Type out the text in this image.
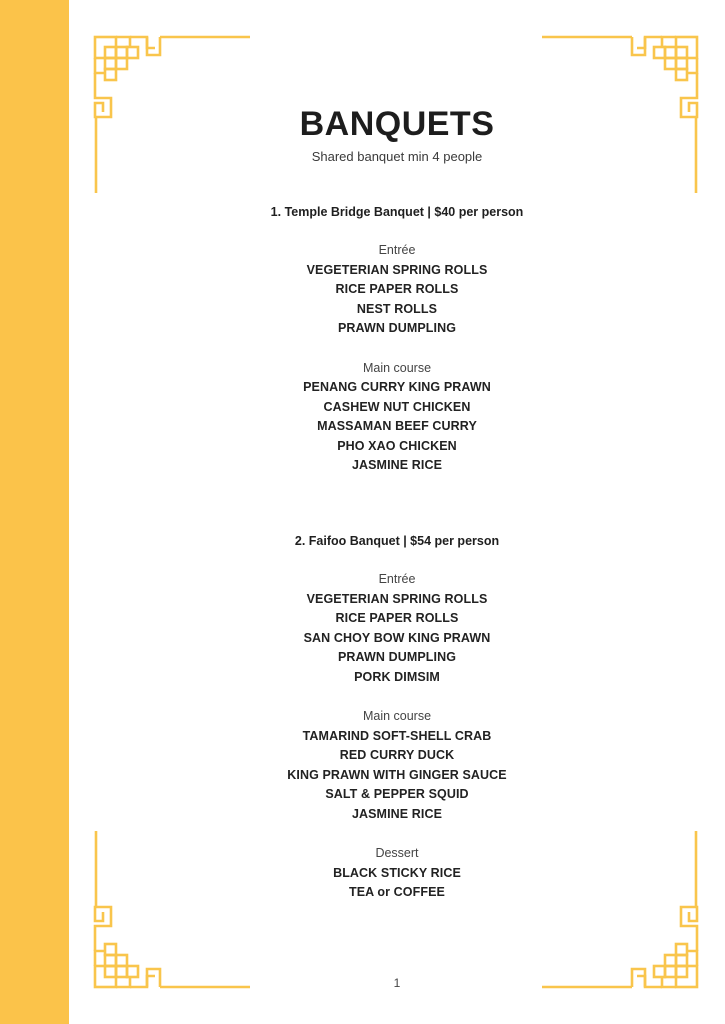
BANQUETS
Shared banquet min 4 people
1. Temple Bridge Banquet | $40 per person
Entrée
VEGETERIAN SPRING ROLLS
RICE PAPER ROLLS
NEST ROLLS
PRAWN DUMPLING
Main course
PENANG CURRY KING PRAWN
CASHEW NUT CHICKEN
MASSAMAN BEEF CURRY
PHO XAO CHICKEN
JASMINE RICE
2. Faifoo Banquet | $54 per person
Entrée
VEGETERIAN SPRING ROLLS
RICE PAPER ROLLS
SAN CHOY BOW KING PRAWN
PRAWN DUMPLING
PORK DIMSIM
Main course
TAMARIND SOFT-SHELL CRAB
RED CURRY DUCK
KING PRAWN WITH GINGER SAUCE
SALT & PEPPER SQUID
JASMINE RICE
Dessert
BLACK STICKY RICE
TEA or COFFEE
1
